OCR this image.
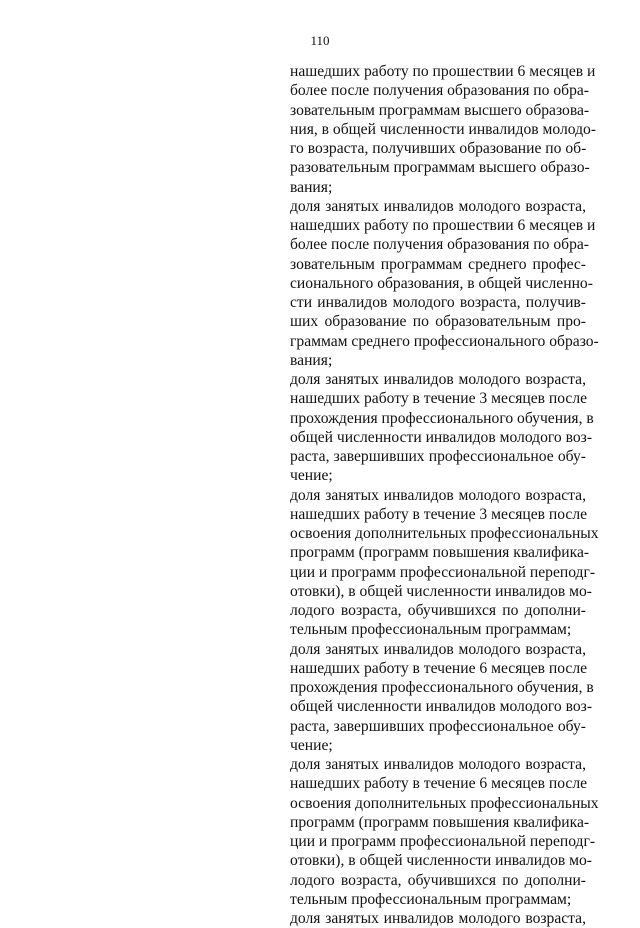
110
нашедших работу по прошествии 6 месяцев и
более после получения образования по обра-
зовательным программам высшего образова-
ния, в общей численности инвалидов молодо-
го возраста, получивших образование по об-
разовательным программам высшего образо-
вания;
доля занятых инвалидов молодого возраста,
нашедших работу по прошествии 6 месяцев и
более после получения образования по обра-
зовательным программам среднего профес-
сионального образования, в общей численно-
сти инвалидов молодого возраста, получив-
ших образование по образовательным про-
граммам среднего профессионального образо-
вания;
доля занятых инвалидов молодого возраста,
нашедших работу в течение 3 месяцев после
прохождения профессионального обучения, в
общей численности инвалидов молодого воз-
раста, завершивших профессиональное обу-
чение;
доля занятых инвалидов молодого возраста,
нашедших работу в течение 3 месяцев после
освоения дополнительных профессиональных
программ (программ повышения квалифика-
ции и программ профессиональной переподг-
отовки), в общей численности инвалидов мо-
лодого возраста, обучившихся по дополни-
тельным профессиональным программам;
доля занятых инвалидов молодого возраста,
нашедших работу в течение 6 месяцев после
прохождения профессионального обучения, в
общей численности инвалидов молодого воз-
раста, завершивших профессиональное обу-
чение;
доля занятых инвалидов молодого возраста,
нашедших работу в течение 6 месяцев после
освоения дополнительных профессиональных
программ (программ повышения квалифика-
ции и программ профессиональной переподг-
отовки), в общей численности инвалидов мо-
лодого возраста, обучившихся по дополни-
тельным профессиональным программам;
доля занятых инвалидов молодого возраста,
